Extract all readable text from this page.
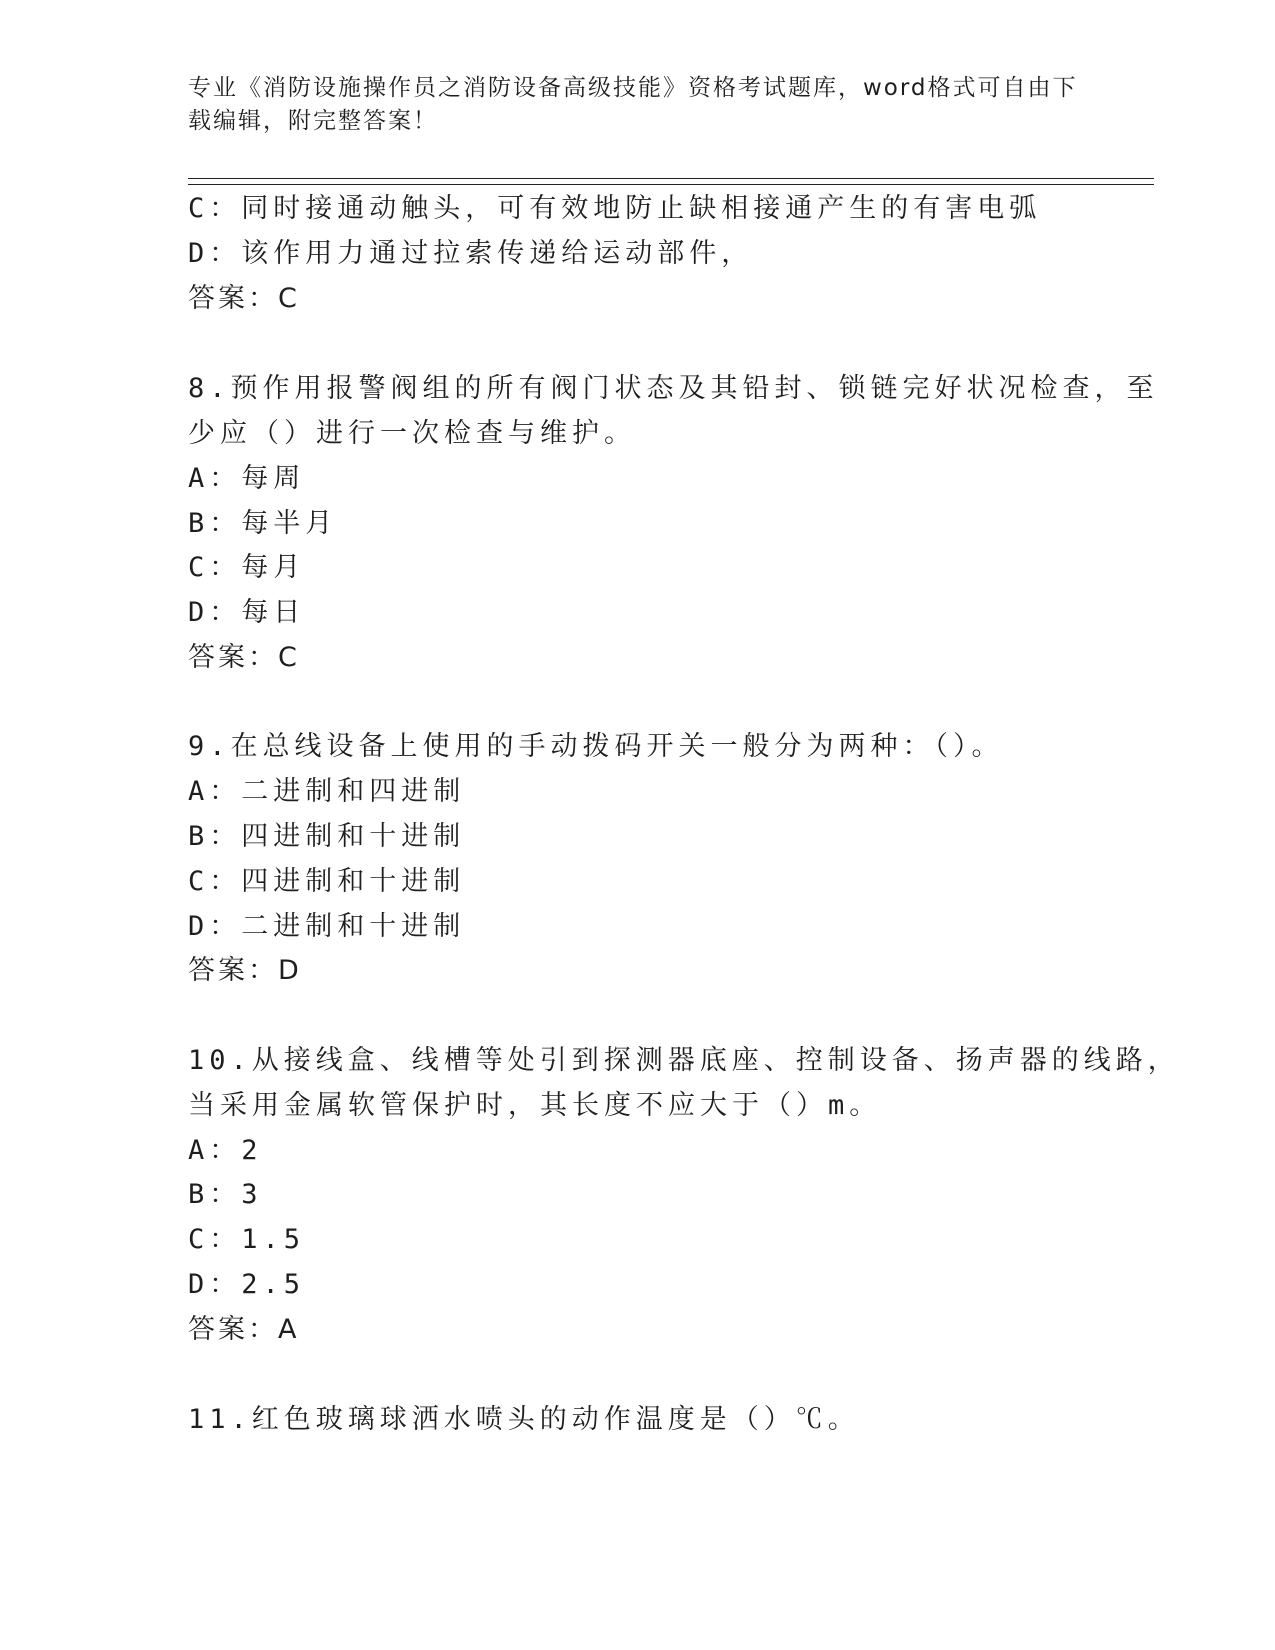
专业《消防设施操作员之消防设备高级技能》资格考试题库，word格式可自由下载编辑，附完整答案！
C：同时接通动触头，可有效地防止缺相接通产生的有害电弧
D：该作用力通过拉索传递给运动部件，
答案：C
8.预作用报警阀组的所有阀门状态及其铅封、锁链完好状况检查，至
少应（）进行一次检查与维护。
A：每周
B：每半月
C：每月
D：每日
答案：C
9.在总线设备上使用的手动拨码开关一般分为两种：（）。
A：二进制和四进制
B：四进制和十进制
C：四进制和十进制
D：二进制和十进制
答案：D
10.从接线盒、线槽等处引到探测器底座、控制设备、扬声器的线路，
当采用金属软管保护时，其长度不应大于（）m。
A：2
B：3
C：1.5
D：2.5
答案：A
11.红色玻璃球洒水喷头的动作温度是（）℃。
